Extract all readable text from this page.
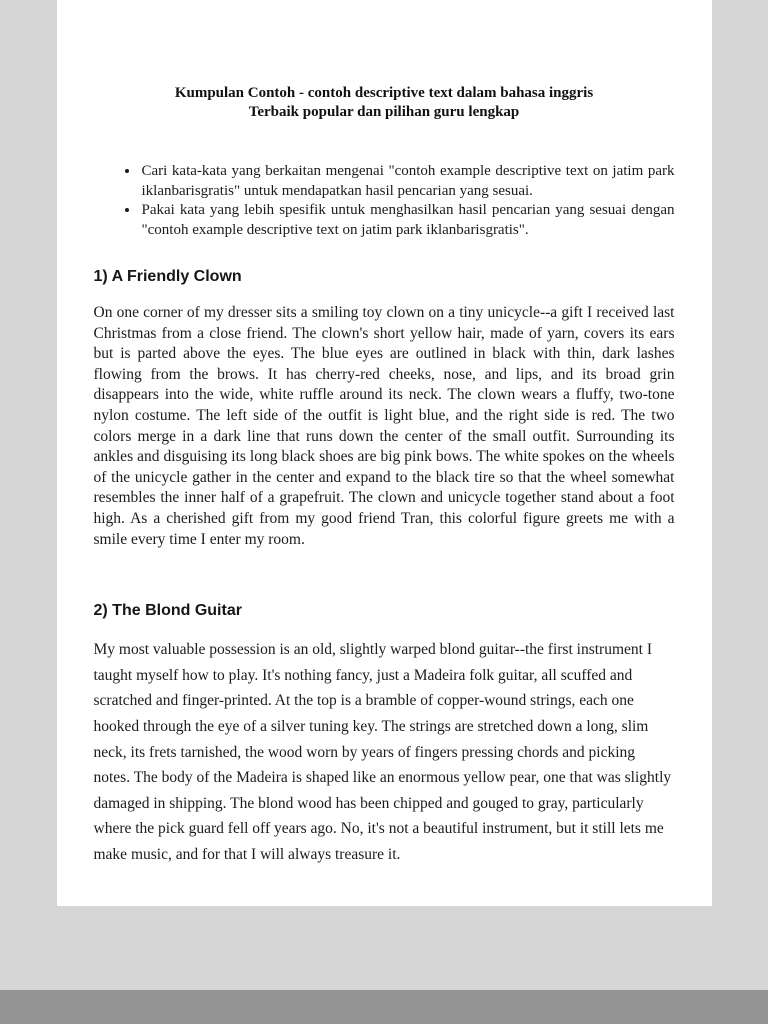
Kumpulan Contoh - contoh descriptive text dalam bahasa inggris
Terbaik popular dan pilihan guru lengkap
• Cari kata-kata yang berkaitan mengenai "contoh example descriptive text on jatim park iklanbarisgratis" untuk mendapatkan hasil pencarian yang sesuai.
• Pakai kata yang lebih spesifik untuk menghasilkan hasil pencarian yang sesuai dengan "contoh example descriptive text on jatim park iklanbarisgratis".
1) A Friendly Clown

On one corner of my dresser sits a smiling toy clown on a tiny unicycle--a gift I received last Christmas from a close friend. The clown's short yellow hair, made of yarn, covers its ears but is parted above the eyes. The blue eyes are outlined in black with thin, dark lashes flowing from the brows. It has cherry-red cheeks, nose, and lips, and its broad grin disappears into the wide, white ruffle around its neck. The clown wears a fluffy, two-tone nylon costume. The left side of the outfit is light blue, and the right side is red. The two colors merge in a dark line that runs down the center of the small outfit. Surrounding its ankles and disguising its long black shoes are big pink bows. The white spokes on the wheels of the unicycle gather in the center and expand to the black tire so that the wheel somewhat resembles the inner half of a grapefruit. The clown and unicycle together stand about a foot high. As a cherished gift from my good friend Tran, this colorful figure greets me with a smile every time I enter my room.

2) The Blond Guitar

My most valuable possession is an old, slightly warped blond guitar--the first instrument I taught myself how to play. It's nothing fancy, just a Madeira folk guitar, all scuffed and scratched and finger-printed. At the top is a bramble of copper-wound strings, each one hooked through the eye of a silver tuning key. The strings are stretched down a long, slim neck, its frets tarnished, the wood worn by years of fingers pressing chords and picking notes. The body of the Madeira is shaped like an enormous yellow pear, one that was slightly damaged in shipping. The blond wood has been chipped and gouged to gray, particularly where the pick guard fell off years ago. No, it's not a beautiful instrument, but it still lets me make music, and for that I will always treasure it.
